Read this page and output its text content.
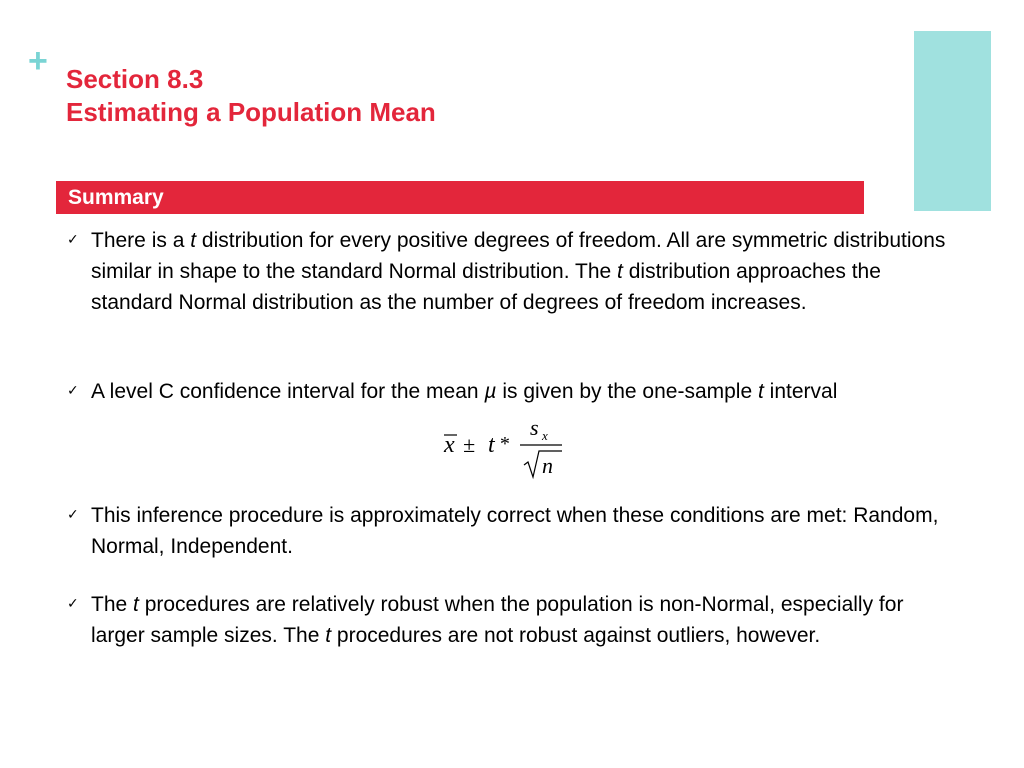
+ Section 8.3
Estimating a Population Mean
Summary
✓ There is a t distribution for every positive degrees of freedom. All are symmetric distributions similar in shape to the standard Normal distribution. The t distribution approaches the standard Normal distribution as the number of degrees of freedom increases.
✓ A level C confidence interval for the mean µ is given by the one-sample t interval
x ± t *
s x
n
✓ This inference procedure is approximately correct when these conditions are met: Random, Normal, Independent.
✓ The t procedures are relatively robust when the population is non-Normal, especially for larger sample sizes. The t procedures are not robust against outliers, however.
